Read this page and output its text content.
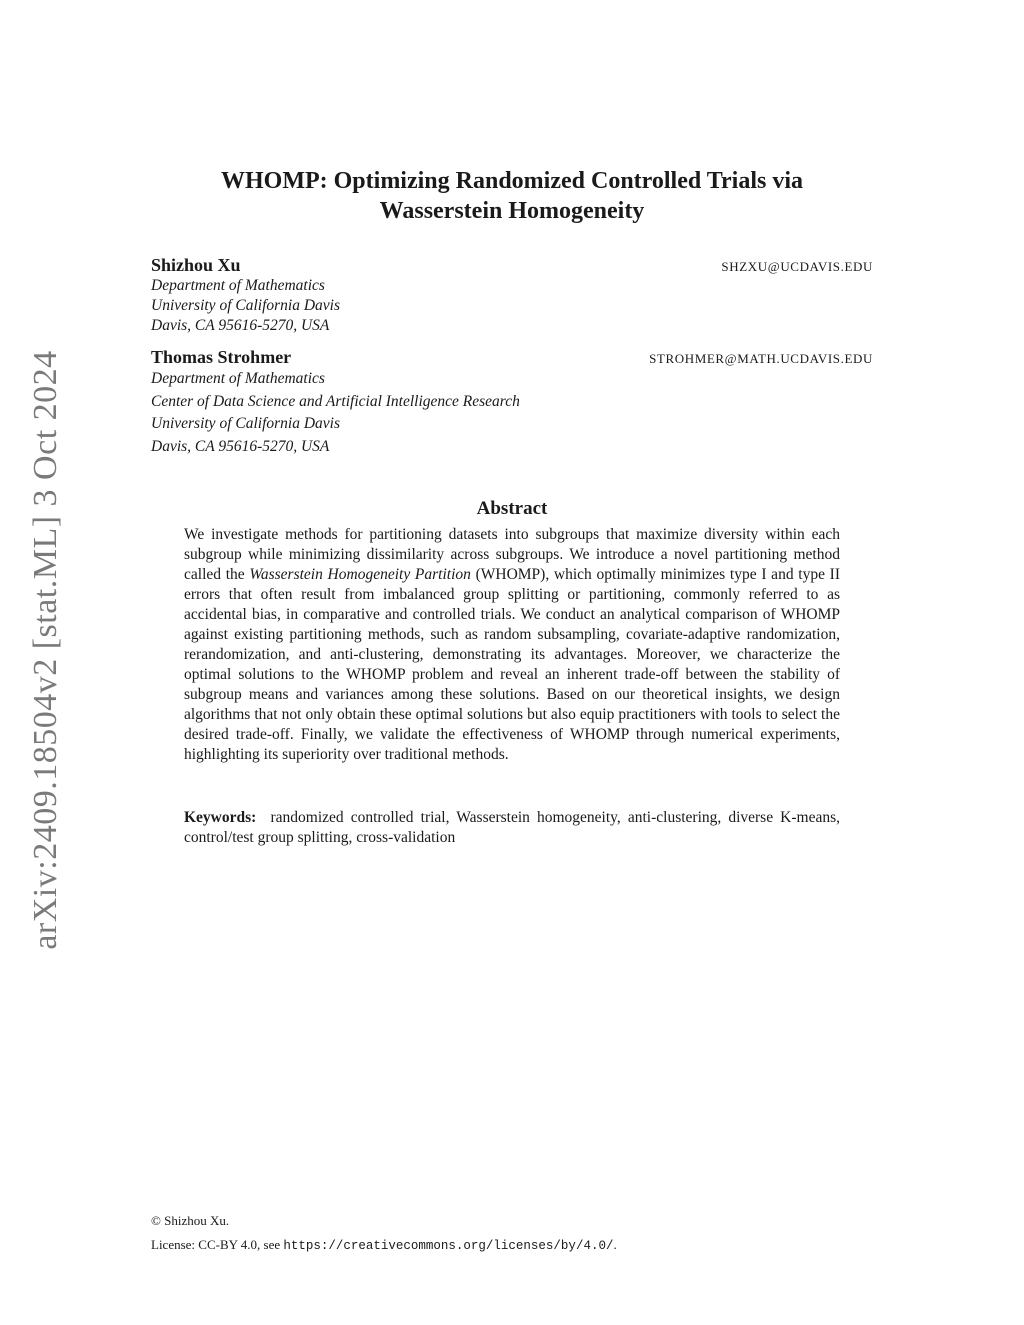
arXiv:2409.18504v2 [stat.ML] 3 Oct 2024
WHOMP: Optimizing Randomized Controlled Trials via
Wasserstein Homogeneity
Shizhou Xu	SHZXU@UCDAVIS.EDU
Department of Mathematics
University of California Davis
Davis, CA 95616-5270, USA
Thomas Strohmer	STROHMER@MATH.UCDAVIS.EDU
Department of Mathematics
Center of Data Science and Artificial Intelligence Research
University of California Davis
Davis, CA 95616-5270, USA
Abstract

We investigate methods for partitioning datasets into subgroups that maximize diversity within each subgroup while minimizing dissimilarity across subgroups. We introduce a novel partitioning method called the Wasserstein Homogeneity Partition (WHOMP), which optimally minimizes type I and type II errors that often result from imbalanced group splitting or partitioning, commonly referred to as accidental bias, in comparative and controlled trials. We conduct an analytical comparison of WHOMP against existing partitioning methods, such as random subsampling, covariate-adaptive randomization, rerandomization, and anti-clustering, demonstrating its advantages. Moreover, we characterize the optimal solutions to the WHOMP problem and reveal an inherent trade-off between the stability of subgroup means and variances among these solutions. Based on our theoretical insights, we design algorithms that not only obtain these optimal solutions but also equip practitioners with tools to select the desired trade-off. Finally, we validate the effectiveness of WHOMP through numerical experiments, highlighting its superiority over traditional methods.

Keywords: randomized controlled trial, Wasserstein homogeneity, anti-clustering, diverse K-means, control/test group splitting, cross-validation

© Shizhou Xu.
License: CC-BY 4.0, see https://creativecommons.org/licenses/by/4.0/.
